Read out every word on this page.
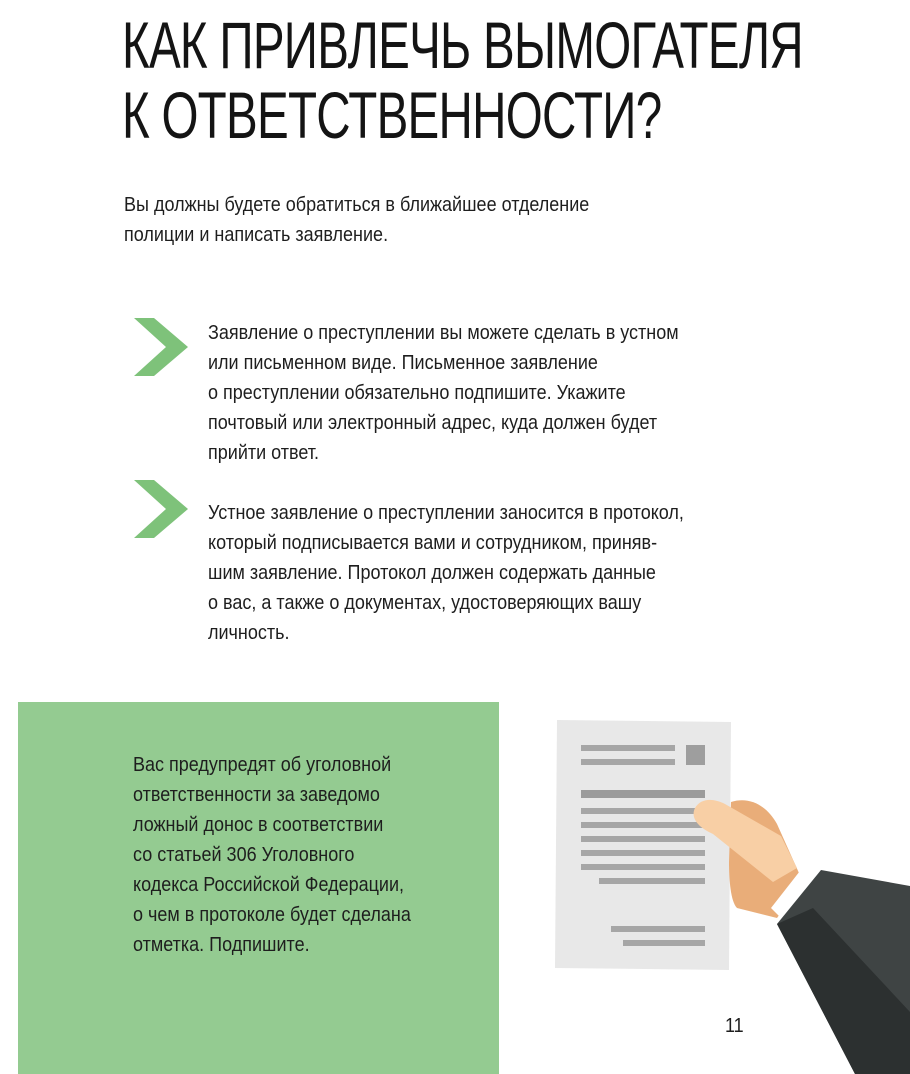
КАК ПРИВЛЕЧЬ ВЫМОГАТЕЛЯ
К ОТВЕТСТВЕННОСТИ?

Вы должны будете обратиться в ближайшее отделение
полиции и написать заявление.

Заявление о преступлении вы можете сделать в устном
или письменном виде. Письменное заявление
о преступлении обязательно подпишите. Укажите
почтовый или электронный адрес, куда должен будет
прийти ответ.

Устное заявление о преступлении заносится в протокол,
который подписывается вами и сотрудником, приняв-
шим заявление. Протокол должен содержать данные
о вас, а также о документах, удостоверяющих вашу
личность.

Вас предупредят об уголовной
ответственности за заведомо
ложный донос в соответствии
со статьей 306 Уголовного
кодекса Российской Федерации,
о чем в протоколе будет сделана
отметка. Подпишите.

11
